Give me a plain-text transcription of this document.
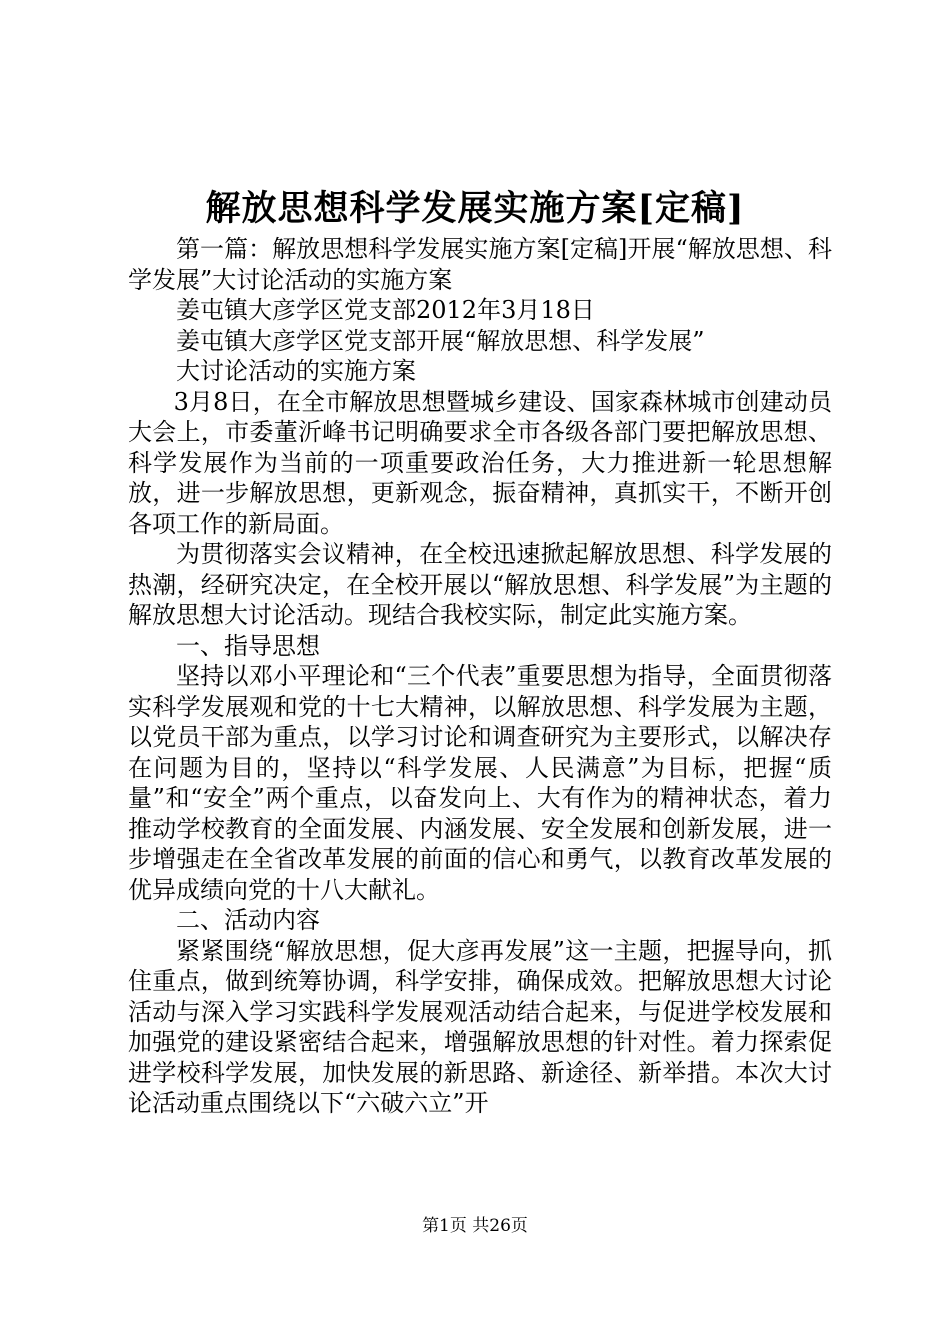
解放思想科学发展实施方案[定稿]

第一篇：解放思想科学发展实施方案[定稿]开展“解放思想、科学发展”大讨论活动的实施方案

姜屯镇大彦学区党支部2012年3月18日

姜屯镇大彦学区党支部开展“解放思想、科学发展”

大讨论活动的实施方案

3月8日，在全市解放思想暨城乡建设、国家森林城市创建动员大会上，市委董沂峰书记明确要求全市各级各部门要把解放思想、科学发展作为当前的一项重要政治任务，大力推进新一轮思想解放，进一步解放思想，更新观念，振奋精神，真抓实干，不断开创各项工作的新局面。

为贯彻落实会议精神，在全校迅速掀起解放思想、科学发展的热潮，经研究决定，在全校开展以“解放思想、科学发展”为主题的解放思想大讨论活动。现结合我校实际，制定此实施方案。

一、指导思想

坚持以邓小平理论和“三个代表”重要思想为指导，全面贯彻落实科学发展观和党的十七大精神，以解放思想、科学发展为主题，以党员干部为重点，以学习讨论和调查研究为主要形式，以解决存在问题为目的，坚持以“科学发展、人民满意”为目标，把握“质量”和“安全”两个重点，以奋发向上、大有作为的精神状态，着力推动学校教育的全面发展、内涵发展、安全发展和创新发展，进一步增强走在全省改革发展的前面的信心和勇气，以教育改革发展的优异成绩向党的十八大献礼。

二、活动内容

紧紧围绕“解放思想，促大彦再发展”这一主题，把握导向，抓住重点，做到统筹协调，科学安排，确保成效。把解放思想大讨论活动与深入学习实践科学发展观活动结合起来，与促进学校发展和加强党的建设紧密结合起来，增强解放思想的针对性。着力探索促进学校科学发展，加快发展的新思路、新途径、新举措。本次大讨论活动重点围绕以下“六破六立”开

第1页 共26页
